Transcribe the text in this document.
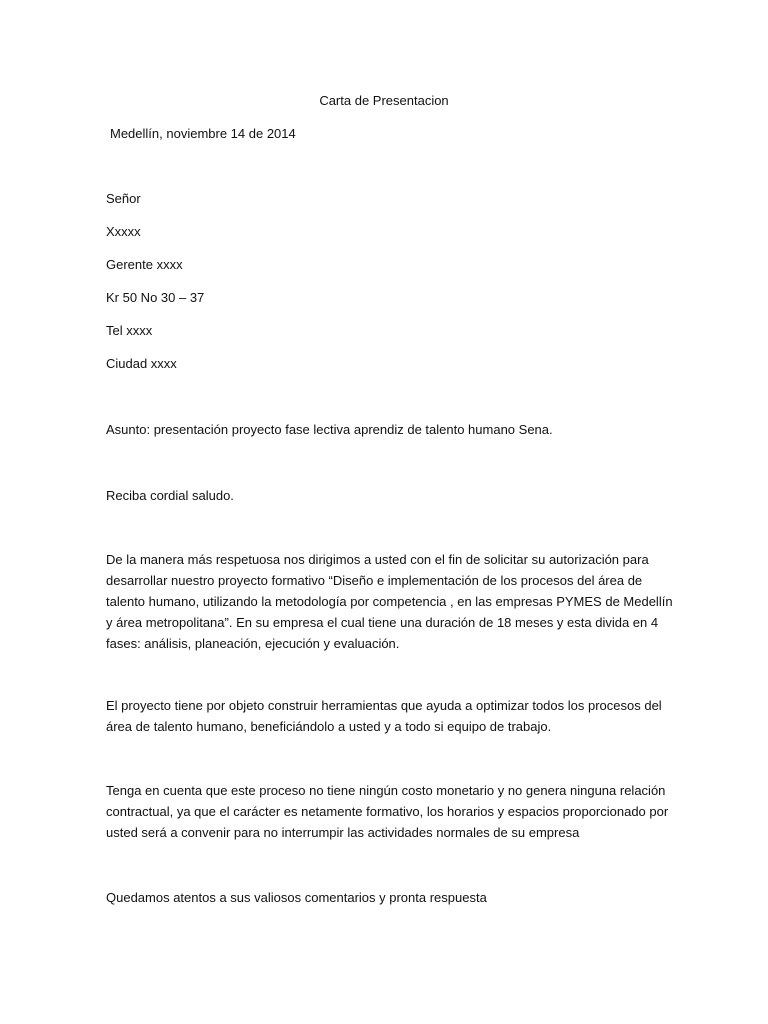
Carta de Presentacion
Medellín, noviembre 14 de 2014
Señor
Xxxxx
Gerente xxxx
Kr 50 No 30 – 37
Tel xxxx
Ciudad xxxx
Asunto: presentación proyecto fase lectiva aprendiz de talento humano Sena.
Reciba cordial saludo.
De la manera más respetuosa nos dirigimos a usted con el fin de solicitar su autorización para
desarrollar nuestro proyecto formativo “Diseño e implementación de los procesos del área de
talento humano, utilizando la metodología por competencia , en las empresas PYMES de Medellín
y área metropolitana”. En su empresa el cual tiene una duración de 18 meses y esta divida en 4
fases: análisis, planeación, ejecución y evaluación.
El proyecto tiene por objeto construir herramientas que ayuda a optimizar todos los procesos del
área de talento humano, beneficiándolo a usted y a todo si equipo de trabajo.
Tenga en cuenta que este proceso no tiene ningún costo monetario y no genera ninguna relación
contractual, ya que el carácter es netamente formativo, los horarios y espacios proporcionado por
usted será a convenir para no interrumpir las actividades normales de su empresa
Quedamos atentos a sus valiosos comentarios y pronta respuesta
